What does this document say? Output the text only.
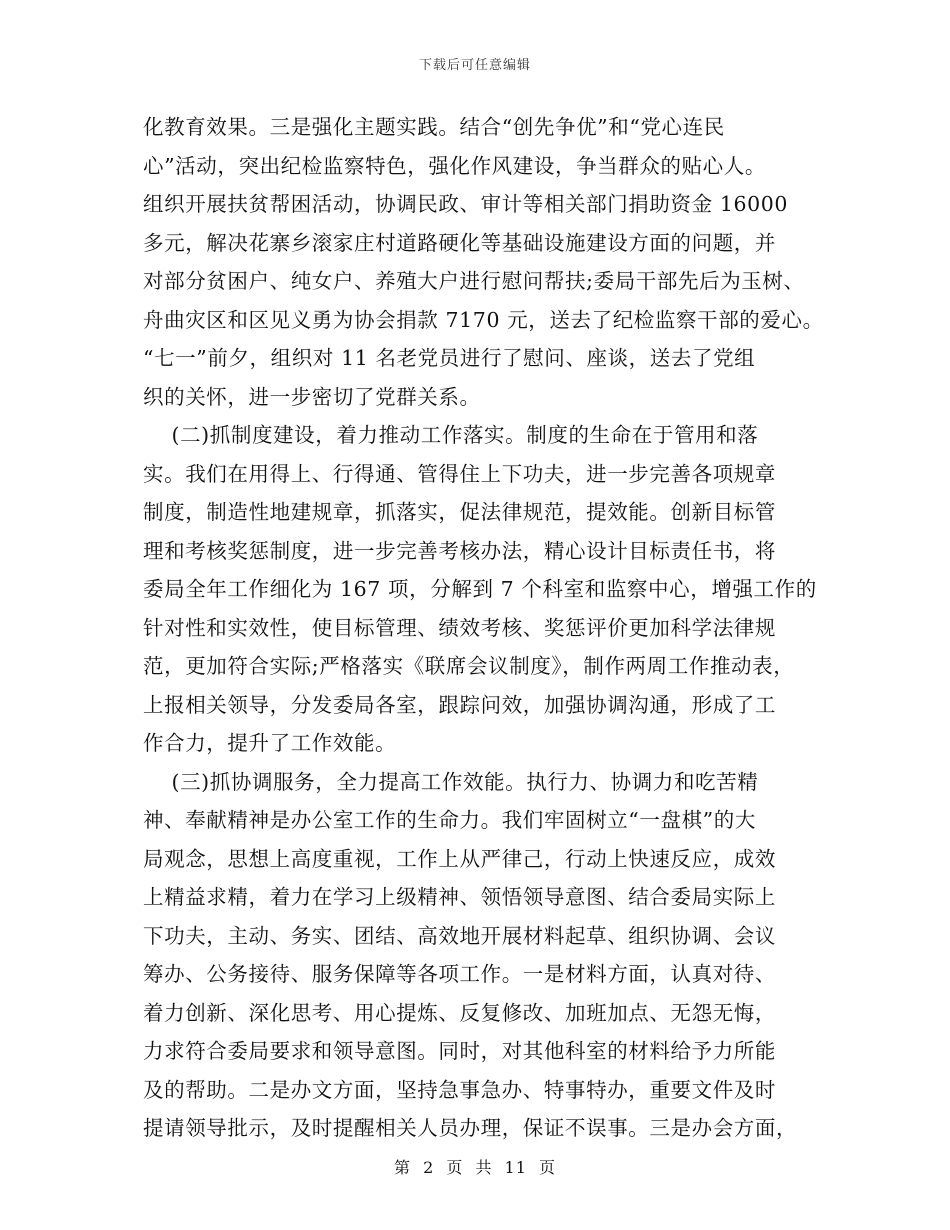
下载后可任意编辑
化教育效果。三是强化主题实践。结合“创先争优”和“党心连民
心”活动，突出纪检监察特色，强化作风建设，争当群众的贴心人。
组织开展扶贫帮困活动，协调民政、审计等相关部门捐助资金 16000
多元，解决花寨乡滚家庄村道路硬化等基础设施建设方面的问题，并
对部分贫困户、纯女户、养殖大户进行慰问帮扶;委局干部先后为玉树、
舟曲灾区和区见义勇为协会捐款 7170 元，送去了纪检监察干部的爱心。
“七一”前夕，组织对 11 名老党员进行了慰问、座谈，送去了党组
织的关怀，进一步密切了党群关系。
(二)抓制度建设，着力推动工作落实。制度的生命在于管用和落
实。我们在用得上、行得通、管得住上下功夫，进一步完善各项规章
制度，制造性地建规章，抓落实，促法律规范，提效能。创新目标管
理和考核奖惩制度，进一步完善考核办法，精心设计目标责任书，将
委局全年工作细化为 167 项，分解到 7 个科室和监察中心，增强工作的
针对性和实效性，使目标管理、绩效考核、奖惩评价更加科学法律规
范，更加符合实际;严格落实《联席会议制度》，制作两周工作推动表，
上报相关领导，分发委局各室，跟踪问效，加强协调沟通，形成了工
作合力，提升了工作效能。
(三)抓协调服务，全力提高工作效能。执行力、协调力和吃苦精
神、奉献精神是办公室工作的生命力。我们牢固树立“一盘棋”的大
局观念，思想上高度重视，工作上从严律己，行动上快速反应，成效
上精益求精，着力在学习上级精神、领悟领导意图、结合委局实际上
下功夫，主动、务实、团结、高效地开展材料起草、组织协调、会议
筹办、公务接待、服务保障等各项工作。一是材料方面，认真对待、
着力创新、深化思考、用心提炼、反复修改、加班加点、无怨无悔，
力求符合委局要求和领导意图。同时，对其他科室的材料给予力所能
及的帮助。二是办文方面，坚持急事急办、特事特办，重要文件及时
提请领导批示，及时提醒相关人员办理，保证不误事。三是办会方面，
第 2 页 共 11 页
